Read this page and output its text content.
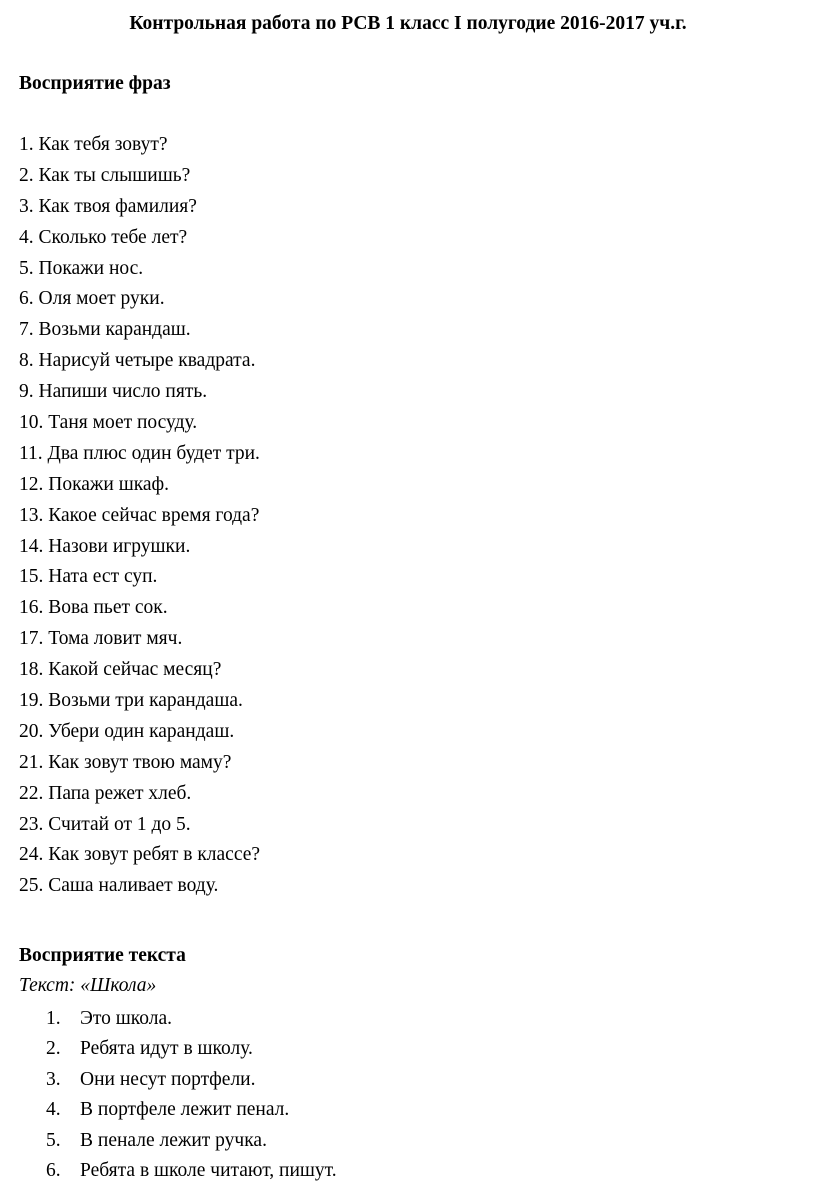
Контрольная работа по РСВ 1 класс I полугодие 2016-2017 уч.г.
Восприятие фраз
1. Как тебя зовут?
2. Как ты слышишь?
3. Как твоя фамилия?
4. Сколько тебе лет?
5. Покажи нос.
6. Оля моет руки.
7. Возьми карандаш.
8. Нарисуй четыре квадрата.
9. Напиши число пять.
10. Таня моет посуду.
11. Два плюс один будет три.
12. Покажи шкаф.
13. Какое сейчас время года?
14. Назови игрушки.
15. Ната ест суп.
16. Вова пьет сок.
17. Тома ловит мяч.
18. Какой сейчас месяц?
19. Возьми три карандаша.
20. Убери один карандаш.
21. Как зовут твою маму?
22. Папа режет хлеб.
23. Считай от 1 до 5.
24. Как зовут ребят в классе?
25. Саша наливает воду.
Восприятие текста
Текст: «Школа»
1. Это школа.
2. Ребята идут в школу.
3. Они несут портфели.
4. В портфеле лежит пенал.
5. В пенале лежит ручка.
6. Ребята в школе читают, пишут.
